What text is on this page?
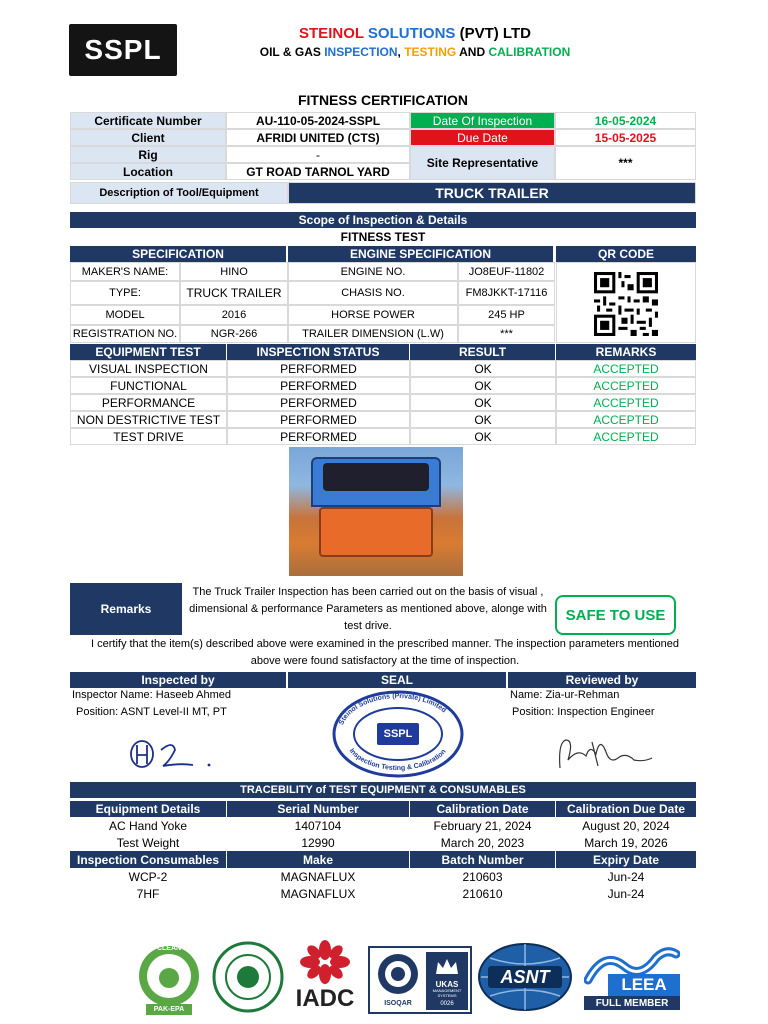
SSPL
STEINOL SOLUTIONS (PVT) LTD
OIL & GAS INSPECTION, TESTING AND CALIBRATION
FITNESS CERTIFICATION
Certificate Number	AU-110-05-2024-SSPL	Date Of Inspection	16-05-2024
Client	AFRIDI UNITED (CTS)	Due Date	15-05-2025
Rig	-
Site Representative	***
Location	GT ROAD TARNOL YARD
Description of Tool/Equipment	TRUCK TRAILER
Scope of Inspection & Details
FITNESS TEST
SPECIFICATION	ENGINE SPECIFICATION	QR CODE
MAKER'S NAME:	HINO	ENGINE NO.	JO8EUF-11802
TYPE:	TRUCK TRAILER	CHASIS NO.	FM8JKKT-17116
MODEL	2016	HORSE POWER	245 HP
REGISTRATION NO.	NGR-266	TRAILER DIMENSION (L.W)	***
EQUIPMENT TEST	INSPECTION STATUS	RESULT	REMARKS
VISUAL INSPECTION	PERFORMED	OK	ACCEPTED
FUNCTIONAL	PERFORMED	OK	ACCEPTED
PERFORMANCE	PERFORMED	OK	ACCEPTED
NON DESTRICTIVE TEST	PERFORMED	OK	ACCEPTED
TEST DRIVE	PERFORMED	OK	ACCEPTED
Remarks
The Truck Trailer Inspection has been carried out on the basis of visual , dimensional & performance Parameters as mentioned above, alonge with test drive.
SAFE TO USE
I certify that the item(s) described above were examined in the prescribed manner. The inspection parameters mentioned above were found satisfactory at the time of inspection.
Inspected by	SEAL	Reviewed by
Inspector Name: Haseeb Ahmed
Position: ASNT Level-II MT, PT
Name: Zia-ur-Rehman
Position: Inspection Engineer
Steinol Solutions (Private) Limited
Inspection Testing & Calibration
SSPL
TRACEBILITY of TEST EQUIPMENT & CONSUMABLES
Equipment Details	Serial Number	Calibration Date	Calibration Due Date
AC Hand Yoke	1407104	February 21, 2024	August 20, 2024
Test Weight	12990	March 20, 2023	March 19, 2026
Inspection Consumables	Make	Batch Number	Expiry Date
WCP-2	MAGNAFLUX	210603	Jun-24
7HF	MAGNAFLUX	210610	Jun-24
PAK-EPA
CLEAN
IADC	ISOQAR
UKAS
MANAGEMENT SYSTEMS
0026
ASNT	LEEA
FULL MEMBER
